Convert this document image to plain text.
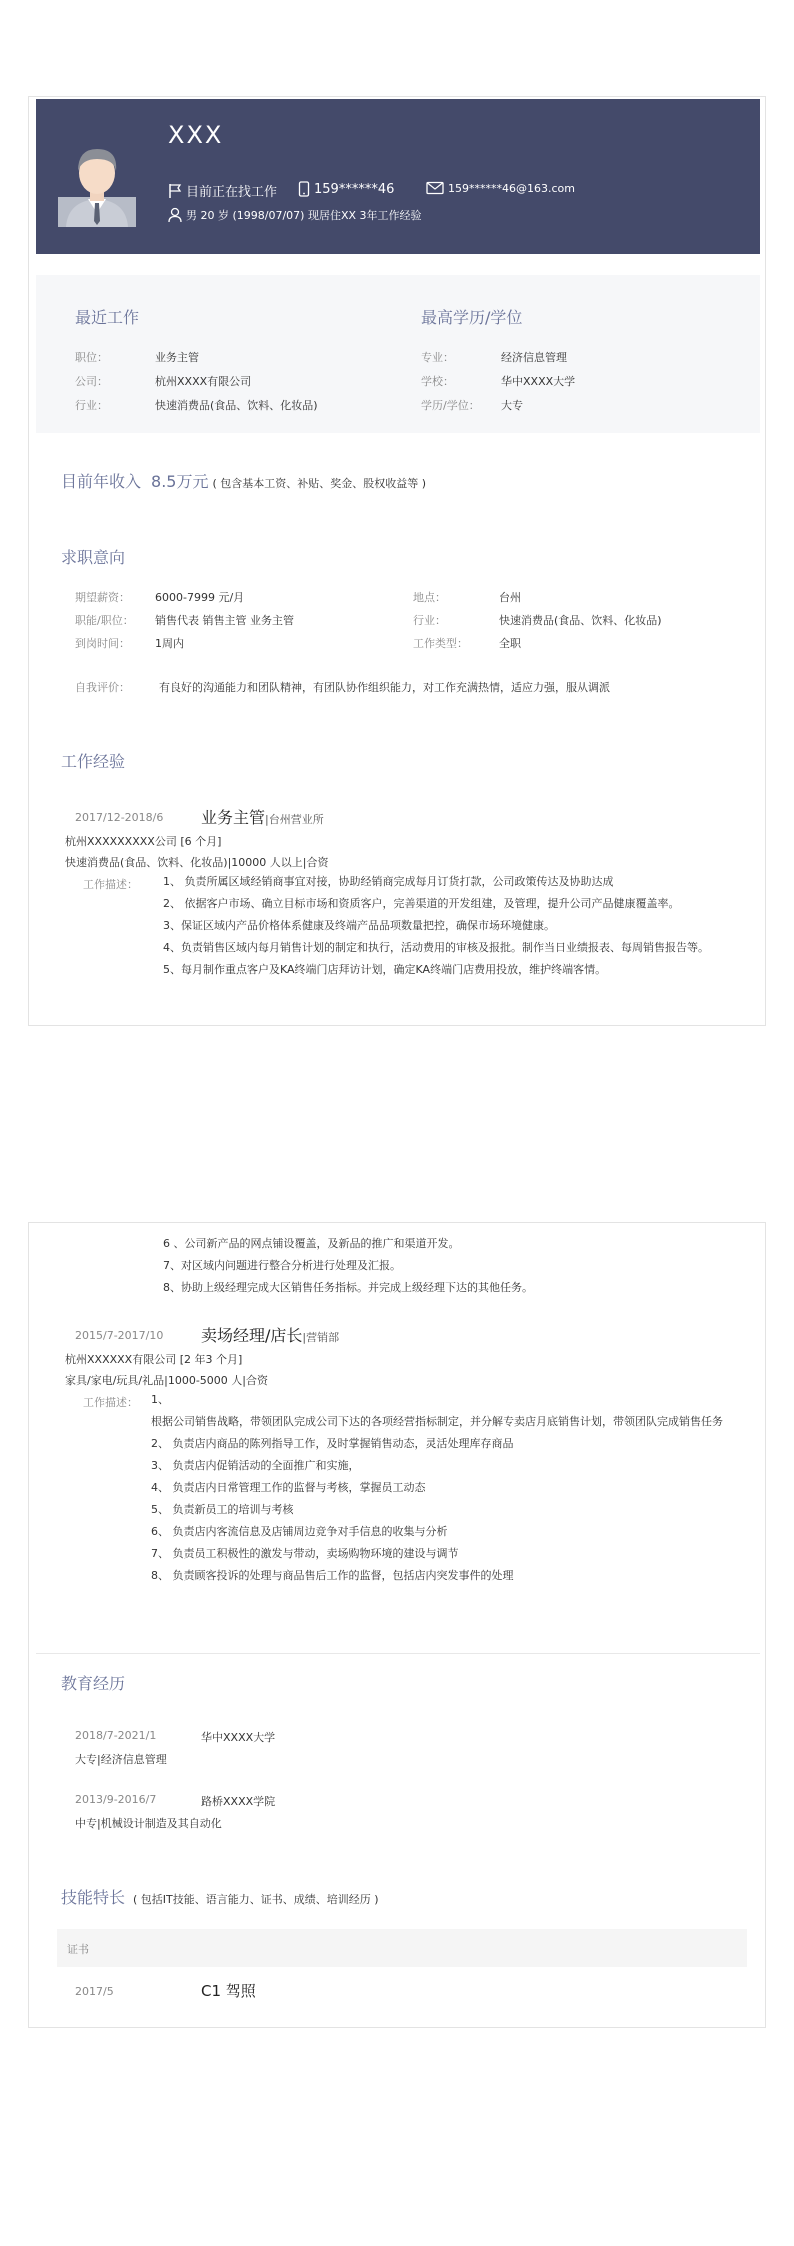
XXX
目前正在找工作	159******46	159******46@163.com
男 20 岁 (1998/07/07) 现居住XX 3年工作经验
最近工作
职位：	业务主管
公司：	杭州XXXX有限公司
行业：	快速消费品(食品、饮料、化妆品)
最高学历/学位
专业：	经济信息管理
学校：	华中XXXX大学
学历/学位： 大专
目前年收入 8.5万元 ( 包含基本工资、补贴、奖金、股权收益等 )
求职意向
期望薪资： 6000-7999 元/月
职能/职位： 销售代表 销售主管 业务主管
到岗时间： 1周内
地点：	台州
行业：	快速消费品(食品、饮料、化妆品)
工作类型：	全职
自我评价：	有良好的沟通能力和团队精神，有团队协作组织能力，对工作充满热情，适应力强，服从调派
工作经验
2017/12-2018/6 业务主管|台州营业所
杭州XXXXXXXXX公司 [6 个月]
快速消费品(食品、饮料、化妆品)|10000 人以上|合资
工作描述： 1、 负责所属区域经销商事宜对接，协助经销商完成每月订货打款，公司政策传达及协助达成
2、 依据客户市场、确立目标市场和资质客户，完善渠道的开发组建，及管理，提升公司产品健康覆盖率。
3、保证区域内产品价格体系健康及终端产品品项数量把控，确保市场环境健康。
4、负责销售区域内每月销售计划的制定和执行，活动费用的审核及报批。制作当日业绩报表、每周销售报告等。
5、每月制作重点客户及KA终端门店拜访计划，确定KA终端门店费用投放，维护终端客情。
6 、公司新产品的网点铺设覆盖，及新品的推广和渠道开发。
7、对区域内问题进行整合分析进行处理及汇报。
8、协助上级经理完成大区销售任务指标。并完成上级经理下达的其他任务。
2015/7-2017/10 卖场经理/店长|营销部
杭州XXXXXX有限公司 [2 年3 个月]
家具/家电/玩具/礼品|1000-5000 人|合资
工作描述： 1、
根据公司销售战略，带领团队完成公司下达的各项经营指标制定，并分解专卖店月底销售计划，带领团队完成销售任务
2、 负责店内商品的陈列指导工作，及时掌握销售动态，灵活处理库存商品
3、 负责店内促销活动的全面推广和实施，
4、 负责店内日常管理工作的监督与考核，掌握员工动态
5、 负责新员工的培训与考核
6、 负责店内客流信息及店铺周边竞争对手信息的收集与分析
7、 负责员工积极性的激发与带动，卖场购物环境的建设与调节
8、 负责顾客投诉的处理与商品售后工作的监督，包括店内突发事件的处理
教育经历
2018/7-2021/1	华中XXXX大学
大专|经济信息管理
2013/9-2016/7	路桥XXXX学院
中专|机械设计制造及其自动化
技能特长 ( 包括IT技能、语言能力、证书、成绩、培训经历 )
证书
2017/5	C1 驾照
